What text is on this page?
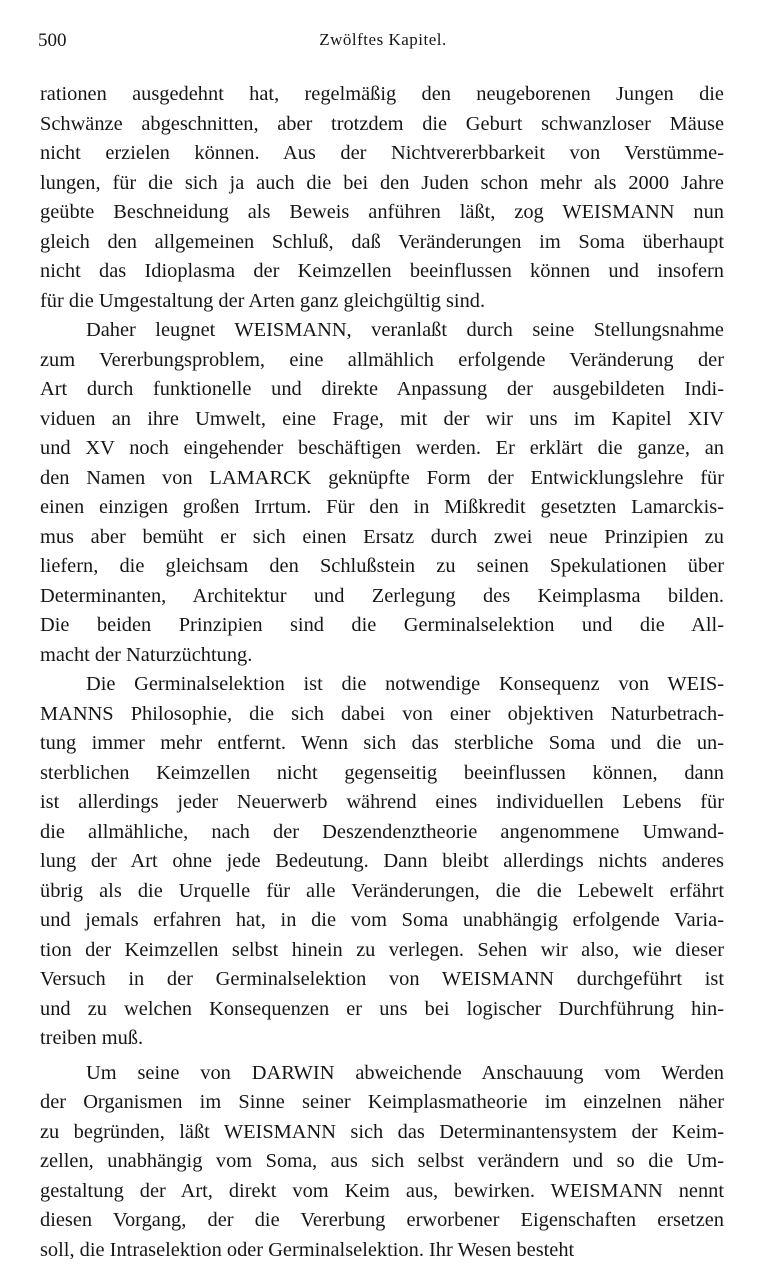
500	Zwölftes Kapitel.
rationen ausgedehnt hat, regelmäßig den neugeborenen Jungen die
Schwänze abgeschnitten, aber trotzdem die Geburt schwanzloser Mäuse
nicht erzielen können. Aus der Nichtvererbbarkeit von Verstümme-
lungen, für die sich ja auch die bei den Juden schon mehr als 2000 Jahre
geübte Beschneidung als Beweis anführen läßt, zog WEISMANN nun
gleich den allgemeinen Schluß, daß Veränderungen im Soma überhaupt
nicht das Idioplasma der Keimzellen beeinflussen können und insofern
für die Umgestaltung der Arten ganz gleichgültig sind.
Daher leugnet WEISMANN, veranlaßt durch seine Stellungsnahme
zum Vererbungsproblem, eine allmählich erfolgende Veränderung der
Art durch funktionelle und direkte Anpassung der ausgebildeten Indi-
viduen an ihre Umwelt, eine Frage, mit der wir uns im Kapitel XIV
und XV noch eingehender beschäftigen werden. Er erklärt die ganze, an
den Namen von LAMARCK geknüpfte Form der Entwicklungslehre für
einen einzigen großen Irrtum. Für den in Mißkredit gesetzten Lamarckis-
mus aber bemüht er sich einen Ersatz durch zwei neue Prinzipien zu
liefern, die gleichsam den Schlußstein zu seinen Spekulationen über
Determinanten, Architektur und Zerlegung des Keimplasma bilden.
Die beiden Prinzipien sind die Germinalselektion und die All-
macht der Naturzüchtung.
Die Germinalselektion ist die notwendige Konsequenz von WEIS-
MANNS Philosophie, die sich dabei von einer objektiven Naturbetrach-
tung immer mehr entfernt. Wenn sich das sterbliche Soma und die un-
sterblichen Keimzellen nicht gegenseitig beeinflussen können, dann
ist allerdings jeder Neuerwerb während eines individuellen Lebens für
die allmähliche, nach der Deszendenztheorie angenommene Umwand-
lung der Art ohne jede Bedeutung. Dann bleibt allerdings nichts anderes
übrig als die Urquelle für alle Veränderungen, die die Lebewelt erfährt
und jemals erfahren hat, in die vom Soma unabhängig erfolgende Varia-
tion der Keimzellen selbst hinein zu verlegen. Sehen wir also, wie dieser
Versuch in der Germinalselektion von WEISMANN durchgeführt ist
und zu welchen Konsequenzen er uns bei logischer Durchführung hin-
treiben muß.
Um seine von DARWIN abweichende Anschauung vom Werden
der Organismen im Sinne seiner Keimplasmatheorie im einzelnen näher
zu begründen, läßt WEISMANN sich das Determinantensystem der Keim-
zellen, unabhängig vom Soma, aus sich selbst verändern und so die Um-
gestaltung der Art, direkt vom Keim aus, bewirken. WEISMANN nennt
diesen Vorgang, der die Vererbung erworbener Eigenschaften ersetzen
soll, die Intraselektion oder Germinalselektion. Ihr Wesen besteht
